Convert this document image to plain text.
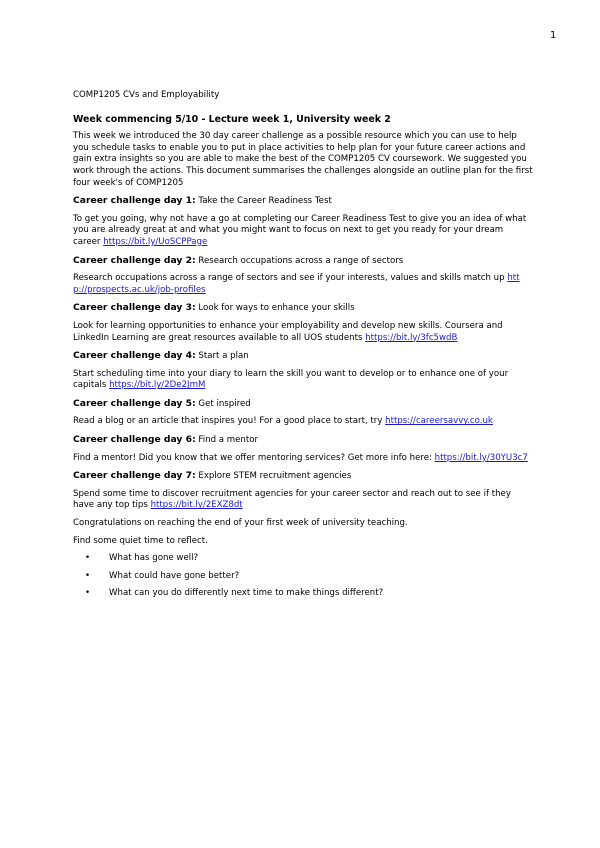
1
COMP1205 CVs and Employability
Week commencing 5/10 - Lecture week 1, University week 2

This week we introduced the 30 day career challenge as a possible resource which you can use to help you schedule tasks to enable you to put in place activities to help plan for your future career actions and gain extra insights so you are able to make the best of the COMP1205 CV coursework. We suggested you work through the actions. This document summarises the challenges alongside an outline plan for the first four week's of COMP1205

Career challenge day 1: Take the Career Readiness Test

To get you going, why not have a go at completing our Career Readiness Test to give you an idea of what you are already great at and what you might want to focus on next to get you ready for your dream career https://bit.ly/UoSCPPage

Career challenge day 2: Research occupations across a range of sectors

Research occupations across a range of sectors and see if your interests, values and skills match up http://prospects.ac.uk/job-profiles

Career challenge day 3: Look for ways to enhance your skills

Look for learning opportunities to enhance your employability and develop new skills. Coursera and LinkedIn Learning are great resources available to all UOS students https://bit.ly/3fc5wdB

Career challenge day 4: Start a plan

Start scheduling time into your diary to learn the skill you want to develop or to enhance one of your capitals https://bit.ly/2De2JmM

Career challenge day 5: Get inspired

Read a blog or an article that inspires you! For a good place to start, try https://careersavvy.co.uk

Career challenge day 6: Find a mentor

Find a mentor! Did you know that we offer mentoring services? Get more info here: https://bit.ly/30YU3c7

Career challenge day 7: Explore STEM recruitment agencies

Spend some time to discover recruitment agencies for your career sector and reach out to see if they have any top tips https://bit.ly/2EXZ8dt

Congratulations on reaching the end of your first week of university teaching.

Find some quiet time to reflect.

• What has gone well?
• What could have gone better?
• What can you do differently next time to make things different?
